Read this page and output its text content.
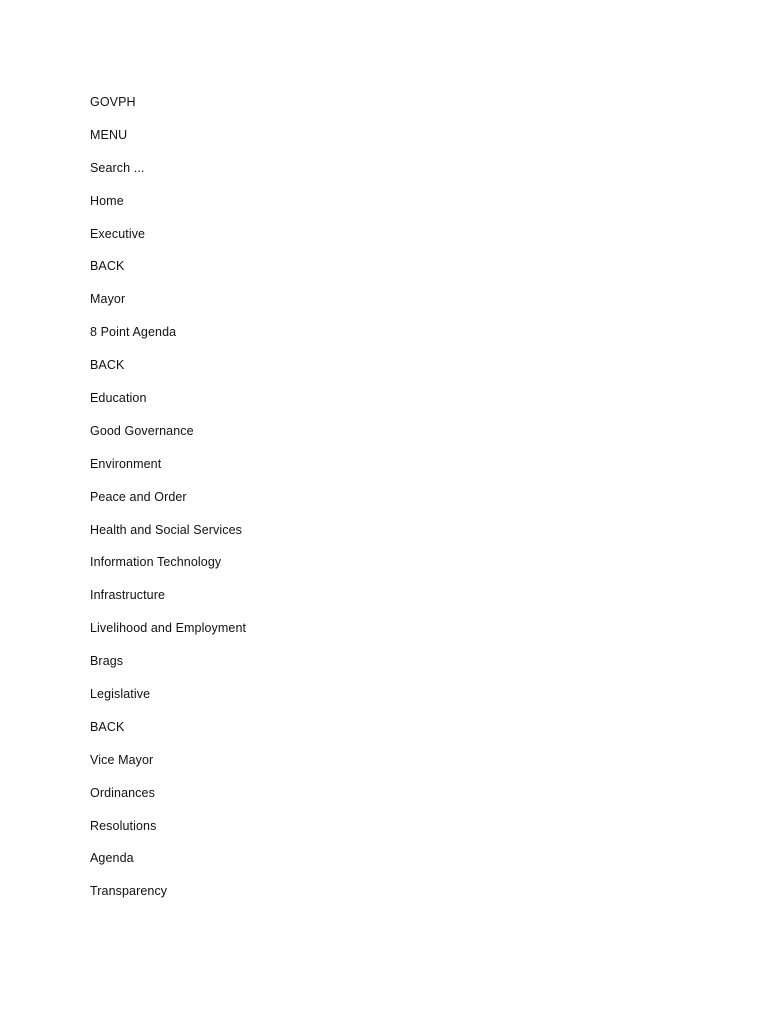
GOVPH
MENU
Search ...
Home
Executive
BACK
Mayor
8 Point Agenda
BACK
Education
Good Governance
Environment
Peace and Order
Health and Social Services
Information Technology
Infrastructure
Livelihood and Employment
Brags
Legislative
BACK
Vice Mayor
Ordinances
Resolutions
Agenda
Transparency
